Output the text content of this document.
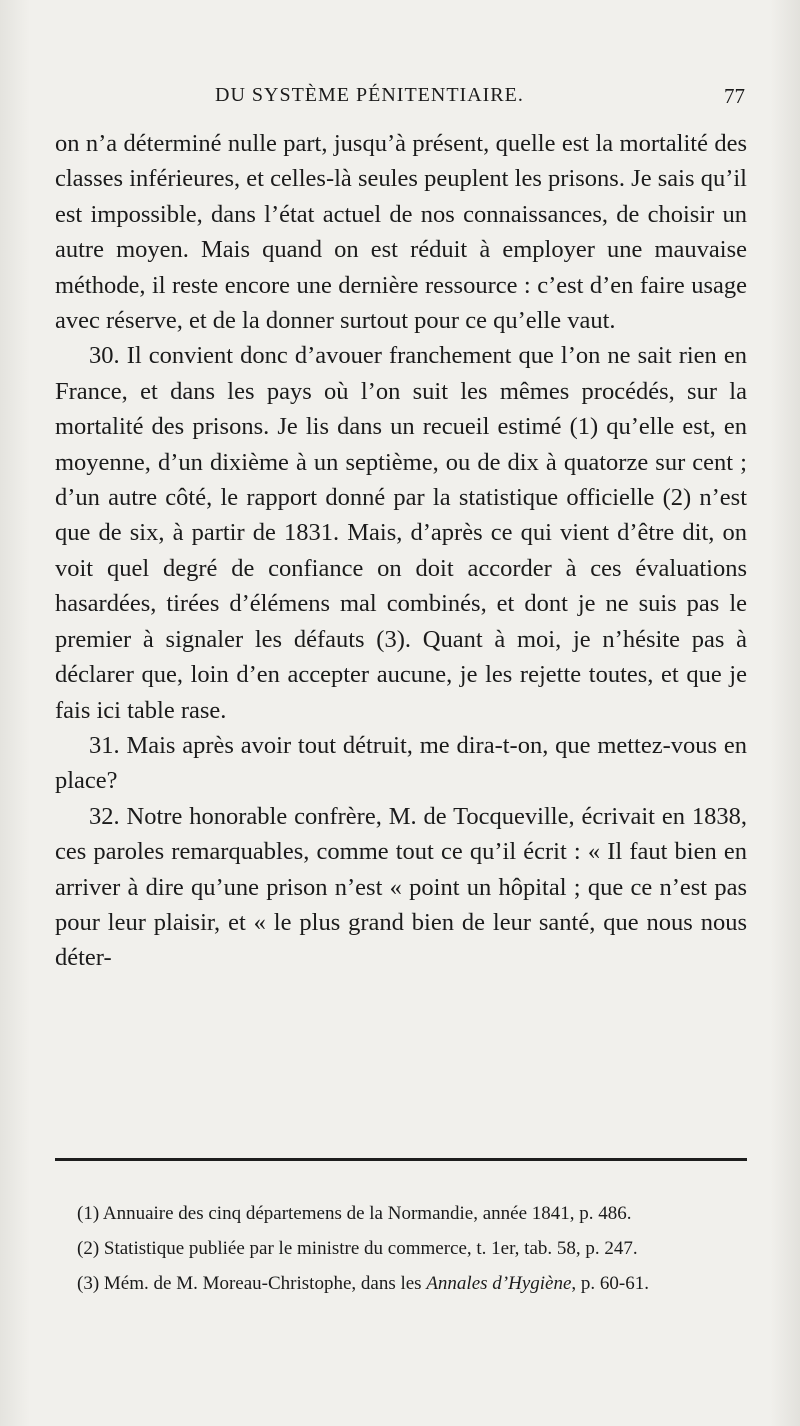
DU SYSTÈME PÉNITENTIAIRE.	77

on n’a déterminé nulle part, jusqu’à présent, quelle est la mortalité des classes inférieures, et celles-là seules peuplent les prisons. Je sais qu’il est impossible, dans l’état actuel de nos connaissances, de choisir un autre moyen. Mais quand on est réduit à employer une mauvaise méthode, il reste encore une dernière ressource : c’est d’en faire usage avec réserve, et de la donner surtout pour ce qu’elle vaut.

30. Il convient donc d’avouer franchement que l’on ne sait rien en France, et dans les pays où l’on suit les mêmes procédés, sur la mortalité des prisons. Je lis dans un recueil estimé (1) qu’elle est, en moyenne, d’un dixième à un septième, ou de dix à quatorze sur cent ; d’un autre côté, le rapport donné par la statistique officielle (2) n’est que de six, à partir de 1831. Mais, d’après ce qui vient d’être dit, on voit quel degré de confiance on doit accorder à ces évaluations hasardées, tirées d’élémens mal combinés, et dont je ne suis pas le premier à signaler les défauts (3). Quant à moi, je n’hésite pas à déclarer que, loin d’en accepter aucune, je les rejette toutes, et que je fais ici table rase.

31. Mais après avoir tout détruit, me dira-t-on, que mettez-vous en place?

32. Notre honorable confrère, M. de Tocqueville, écrivait en 1838, ces paroles remarquables, comme tout ce qu’il écrit : « Il faut bien en arriver à dire qu’une prison n’est « point un hôpital ; que ce n’est pas pour leur plaisir, et « le plus grand bien de leur santé, que nous nous déter-

(1) Annuaire des cinq départemens de la Normandie, année 1841, p. 486.

(2) Statistique publiée par le ministre du commerce, t. 1er, tab. 58, p. 247.

(3) Mém. de M. Moreau-Christophe, dans les Annales d’Hygiène, p. 60-61.
